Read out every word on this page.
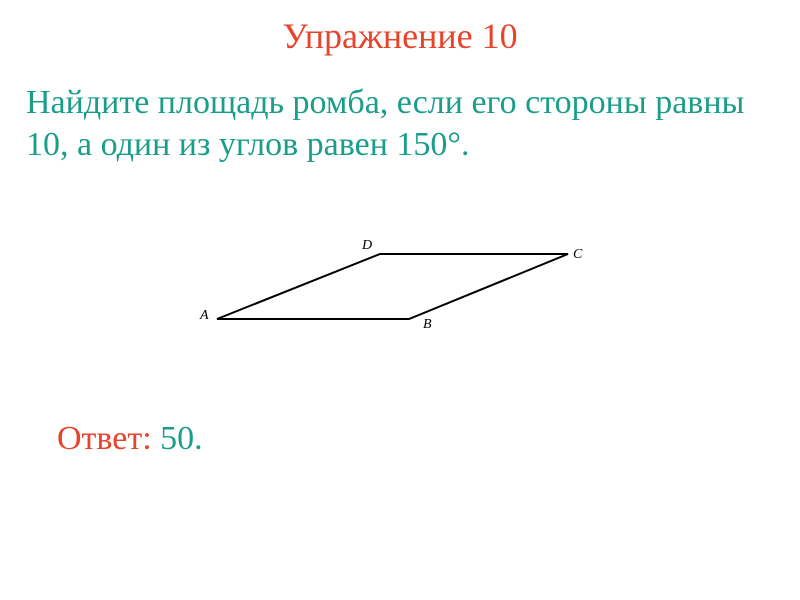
Упражнение 10
Найдите площадь ромба, если его стороны равны
10, а один из углов равен 150°.
A
B
C
D
Ответ: 50.
